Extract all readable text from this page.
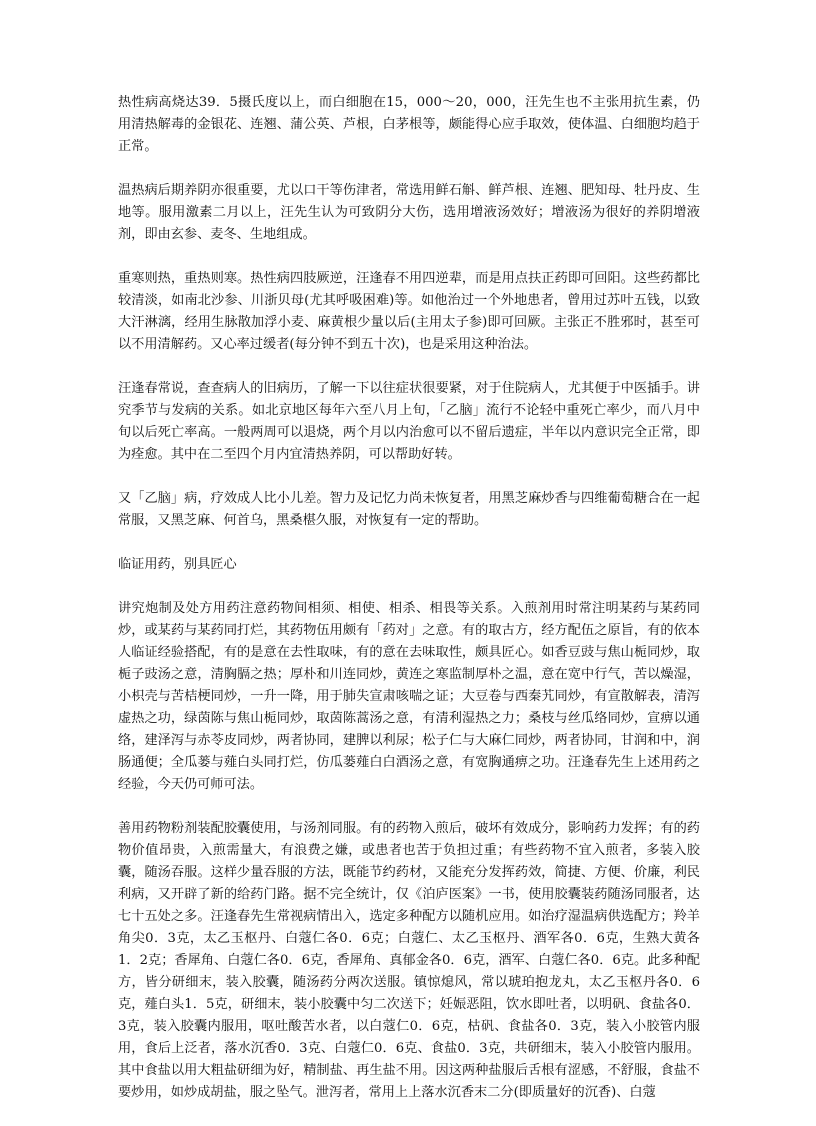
热性病高烧达39．5摄氏度以上，而白细胞在15，000～20，000，汪先生也不主张用抗生素，仍用清热解毒的金银花、连翘、蒲公英、芦根，白茅根等，颇能得心应手取效，使体温、白细胞均趋于正常。

温热病后期养阴亦很重要，尤以口干等伤津者，常选用鲜石斛、鲜芦根、连翘、肥知母、牡丹皮、生地等。服用激素二月以上，汪先生认为可致阴分大伤，选用增液汤效好；增液汤为很好的养阴增液剂，即由玄参、麦冬、生地组成。

重寒则热，重热则寒。热性病四肢厥逆，汪逢春不用四逆辈，而是用点扶正药即可回阳。这些药都比较清淡，如南北沙参、川浙贝母(尤其呼吸困难)等。如他治过一个外地患者，曾用过苏叶五钱，以致大汗淋漓，经用生脉散加浮小麦、麻黄根少量以后(主用太子参)即可回厥。主张正不胜邪时，甚至可以不用清解药。又心率过缓者(每分钟不到五十次)，也是采用这种治法。

汪逢春常说，查查病人的旧病历，了解一下以往症状很要紧，对于住院病人，尤其便于中医插手。讲究季节与发病的关系。如北京地区每年六至八月上旬，「乙脑」流行不论轻中重死亡率少，而八月中旬以后死亡率高。一般两周可以退烧，两个月以内治愈可以不留后遗症，半年以内意识完全正常，即为痊愈。其中在二至四个月内宜清热养阴，可以帮助好转。

又「乙脑」病，疗效成人比小儿差。智力及记忆力尚未恢复者，用黑芝麻炒香与四维葡萄糖合在一起常服，又黑芝麻、何首乌，黑桑椹久服，对恢复有一定的帮助。

临证用药，别具匠心

讲究炮制及处方用药注意药物间相须、相使、相杀、相畏等关系。入煎剂用时常注明某药与某药同炒，或某药与某药同打烂，其药物伍用颇有「药对」之意。有的取古方，经方配伍之原旨，有的依本人临证经验搭配，有的是意在去性取味，有的意在去味取性，颇具匠心。如香豆豉与焦山栀同炒，取栀子豉汤之意，清胸膈之热；厚朴和川连同炒，黄连之寒监制厚朴之温，意在宽中行气，苦以燥湿，小枳壳与苦桔梗同炒，一升一降，用于肺失宣肃咳喘之证；大豆卷与西秦艽同炒，有宣散解表，清泻虚热之功，绿茵陈与焦山栀同炒，取茵陈蒿汤之意，有清利湿热之力；桑枝与丝瓜络同炒，宣痹以通络，建泽泻与赤苓皮同炒，两者协同，建脾以利尿；松子仁与大麻仁同炒，两者协同，甘润和中，润肠通便；全瓜蒌与薤白头同打烂，仿瓜蒌薤白白酒汤之意，有宽胸通痹之功。汪逢春先生上述用药之经验，今天仍可师可法。

善用药物粉剂装配胶囊使用，与汤剂同服。有的药物入煎后，破坏有效成分，影响药力发挥；有的药物价值昂贵，入煎需量大，有浪费之嫌，或患者也苦于负担过重；有些药物不宜入煎者，多装入胶囊，随汤吞服。这样少量吞服的方法，既能节约药材，又能充分发挥药效，简捷、方便、价廉，利民利病，又开辟了新的给药门路。据不完全统计，仅《泊庐医案》一书，使用胶囊装药随汤同服者，达七十五处之多。汪逢春先生常视病情出入，选定多种配方以随机应用。如治疗湿温病供选配方；羚羊角尖0．3克，太乙玉枢丹、白蔻仁各0．6克；白蔻仁、太乙玉枢丹、酒军各0．6克，生熟大黄各1．2克；香犀角、白蔻仁各0．6克，香犀角、真郁金各0．6克，酒军、白蔻仁各0．6克。此多种配方，皆分研细末，装入胶囊，随汤药分两次送服。镇惊熄风，常以琥珀抱龙丸，太乙玉枢丹各0．6克，薤白头1．5克，研细末，装小胶囊中匀二次送下；妊娠恶阻，饮水即吐者，以明矾、食盐各0．3克，装入胶囊内服用，呕吐酸苦水者，以白蔻仁0．6克，枯矾、食盐各0．3克，装入小胶管内服用，食后上泛者，落水沉香0．3克、白蔻仁0．6克、食盐0．3克，共研细末，装入小胶管内服用。其中食盐以用大粗盐研细为好，精制盐、再生盐不用。因这两种盐服后舌根有涩感，不舒服，食盐不要炒用，如炒成胡盐，服之坠气。泄泻者，常用上上落水沉香末二分(即质量好的沉香)、白蔻
